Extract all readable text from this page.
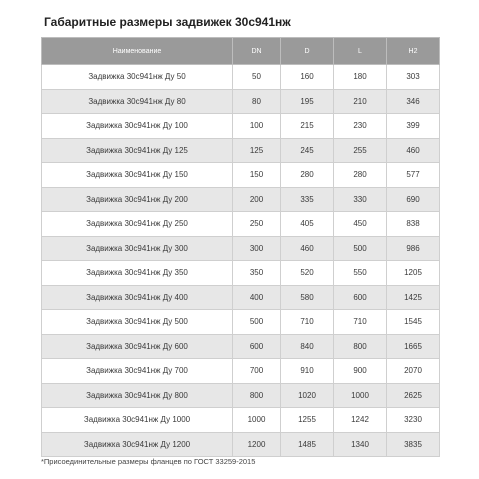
Габаритные размеры задвижек 30с941нж
Наименование	DN	D	L	H2
Задвижка 30с941нж Ду 50	50	160	180	303
Задвижка 30с941нж Ду 80	80	195	210	346
Задвижка 30с941нж Ду 100	100	215	230	399
Задвижка 30с941нж Ду 125	125	245	255	460
Задвижка 30с941нж Ду 150	150	280	280	577
Задвижка 30с941нж Ду 200	200	335	330	690
Задвижка 30с941нж Ду 250	250	405	450	838
Задвижка 30с941нж Ду 300	300	460	500	986
Задвижка 30с941нж Ду 350	350	520	550	1205
Задвижка 30с941нж Ду 400	400	580	600	1425
Задвижка 30с941нж Ду 500	500	710	710	1545
Задвижка 30с941нж Ду 600	600	840	800	1665
Задвижка 30с941нж Ду 700	700	910	900	2070
Задвижка 30с941нж Ду 800	800	1020	1000	2625
Задвижка 30с941нж Ду 1000	1000	1255	1242	3230
Задвижка 30с941нж Ду 1200	1200	1485	1340	3835
*Присоединительные размеры фланцев по ГОСТ 33259-2015
